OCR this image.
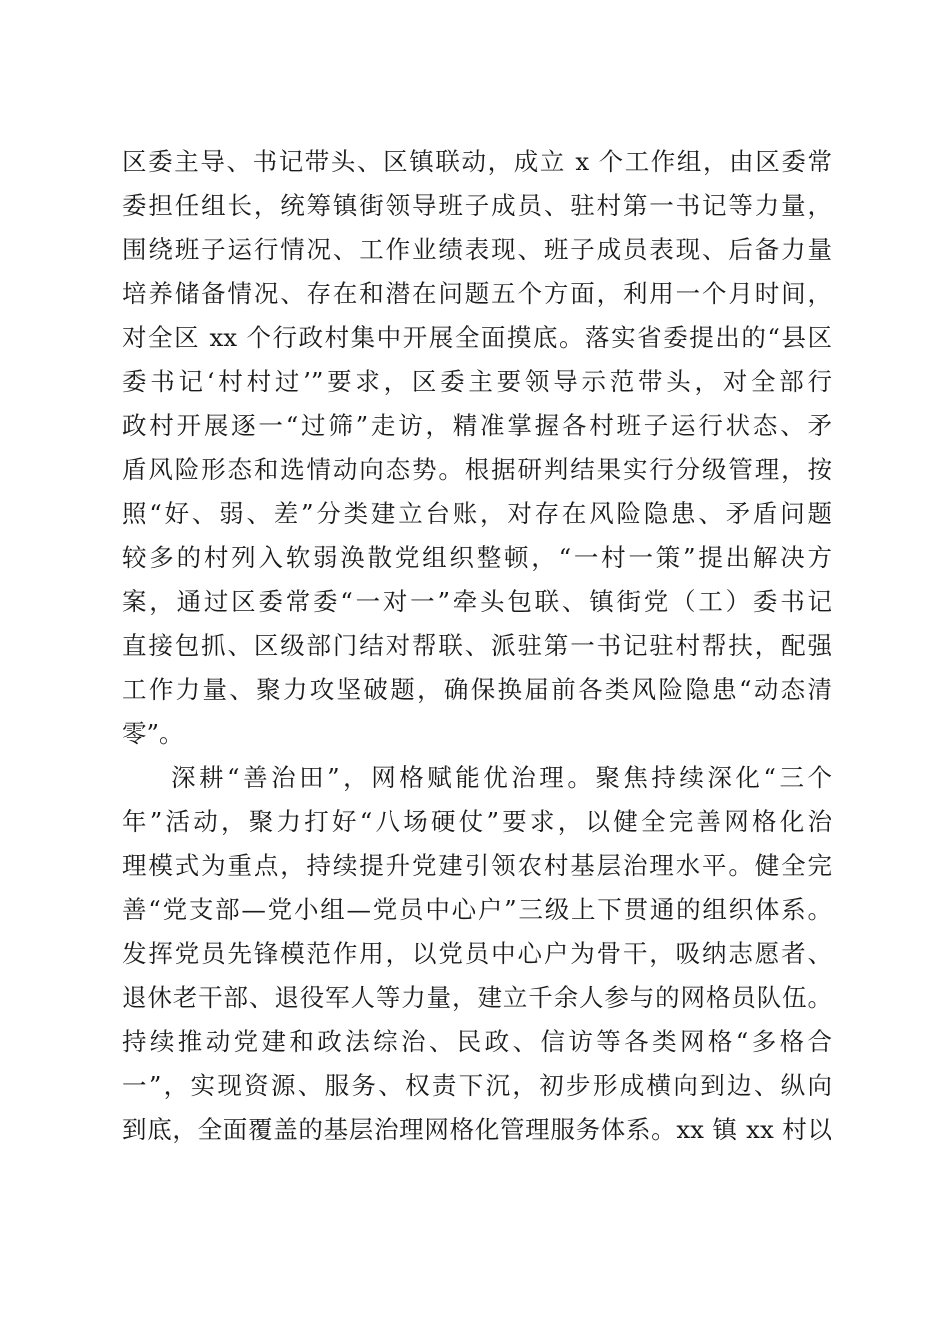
区委主导、书记带头、区镇联动，成立 x 个工作组，由区委常
委担任组长，统筹镇街领导班子成员、驻村第一书记等力量，
围绕班子运行情况、工作业绩表现、班子成员表现、后备力量
培养储备情况、存在和潜在问题五个方面，利用一个月时间，
对全区 xx 个行政村集中开展全面摸底。落实省委提出的“县区
委书记‘村村过’”要求，区委主要领导示范带头，对全部行
政村开展逐一“过筛”走访，精准掌握各村班子运行状态、矛
盾风险形态和选情动向态势。根据研判结果实行分级管理，按
照“好、弱、差”分类建立台账，对存在风险隐患、矛盾问题
较多的村列入软弱涣散党组织整顿，“一村一策”提出解决方
案，通过区委常委“一对一”牵头包联、镇街党（工）委书记
直接包抓、区级部门结对帮联、派驻第一书记驻村帮扶，配强
工作力量、聚力攻坚破题，确保换届前各类风险隐患“动态清
零”。
深耕“善治田”，网格赋能优治理。聚焦持续深化“三个
年”活动，聚力打好“八场硬仗”要求，以健全完善网格化治
理模式为重点，持续提升党建引领农村基层治理水平。健全完
善“党支部—党小组—党员中心户”三级上下贯通的组织体系。
发挥党员先锋模范作用，以党员中心户为骨干，吸纳志愿者、
退休老干部、退役军人等力量，建立千余人参与的网格员队伍。
持续推动党建和政法综治、民政、信访等各类网格“多格合
一”，实现资源、服务、权责下沉，初步形成横向到边、纵向
到底，全面覆盖的基层治理网格化管理服务体系。xx 镇 xx 村以
